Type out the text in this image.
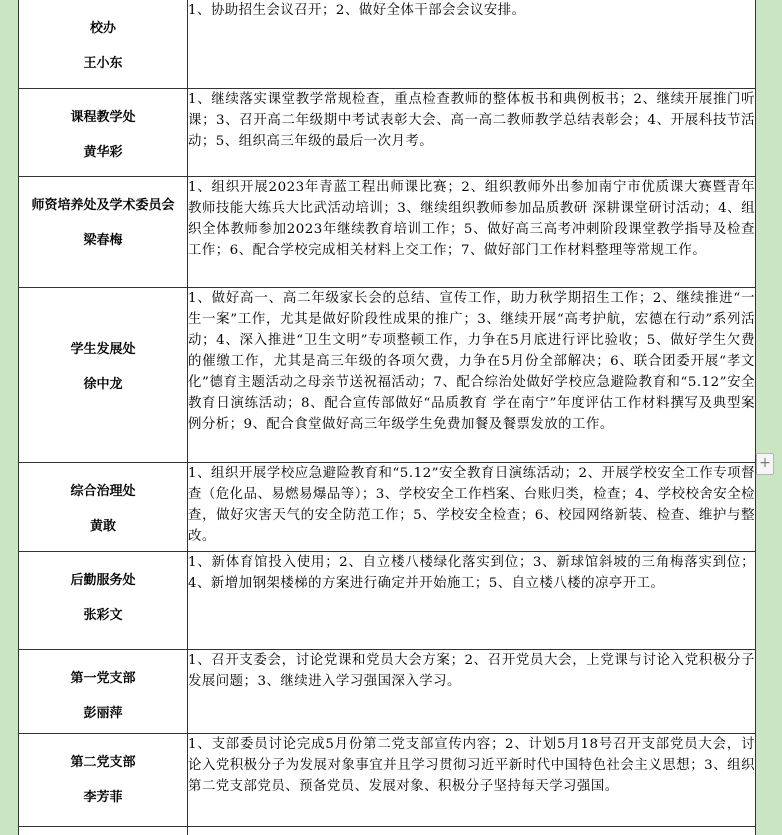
校办
王小东	1、协助招生会议召开；2、做好全体干部会会议安排。

课程教学处
黄华彩	1、继续落实课堂教学常规检查，重点检查教师的整体板书和典例板书；2、继续开展推门听课；3、召开高二年级期中考试表彰大会、高一高二教师教学总结表彰会；4、开展科技节活动；5、组织高三年级的最后一次月考。

师资培养处及学术委员会
梁春梅	1、组织开展2023年青蓝工程出师课比赛；2、组织教师外出参加南宁市优质课大赛暨青年教师技能大练兵大比武活动培训；3、继续组织教师参加品质教研 深耕课堂研讨活动；4、组织全体教师参加2023年继续教育培训工作；5、做好高三高考冲刺阶段课堂教学指导及检查工作；6、配合学校完成相关材料上交工作；7、做好部门工作材料整理等常规工作。

学生发展处
徐中龙	1、做好高一、高二年级家长会的总结、宣传工作，助力秋学期招生工作；2、继续推进“一生一案”工作，尤其是做好阶段性成果的推广；3、继续开展“高考护航，宏德在行动”系列活动；4、深入推进“卫生文明”专项整顿工作，力争在5月底进行评比验收；5、做好学生欠费的催缴工作，尤其是高三年级的各项欠费，力争在5月份全部解决；6、联合团委开展“孝文化”德育主题活动之母亲节送祝福活动；7、配合综治处做好学校应急避险教育和“5.12”安全教育日演练活动；8、配合宣传部做好“品质教育 学在南宁”年度评估工作材料撰写及典型案例分析；9、配合食堂做好高三年级学生免费加餐及餐票发放的工作。

综合治理处
黄敢	1、组织开展学校应急避险教育和“5.12”安全教育日演练活动；2、开展学校安全工作专项督查（危化品、易燃易爆品等）；3、学校安全工作档案、台账归类，检查；4、学校校舍安全检查，做好灾害天气的安全防范工作；5、学校安全检查；6、校园网络新装、检查、维护与整改。

后勤服务处
张彩文	1、新体育馆投入使用；2、自立楼八楼绿化落实到位；3、新球馆斜坡的三角梅落实到位；4、新增加钢架楼梯的方案进行确定并开始施工；5、自立楼八楼的凉亭开工。

第一党支部
彭丽萍	1、召开支委会，讨论党课和党员大会方案；2、召开党员大会，上党课与讨论入党积极分子发展问题；3、继续进入学习强国深入学习。

第二党支部
李芳菲	1、支部委员讨论完成5月份第二党支部宣传内容；2、计划5月18号召开支部党员大会，讨论入党积极分子为发展对象事宜并且学习贯彻习近平新时代中国特色社会主义思想；3、组织第二党支部党员、预备党员、发展对象、积极分子坚持每天学习强国。

+
